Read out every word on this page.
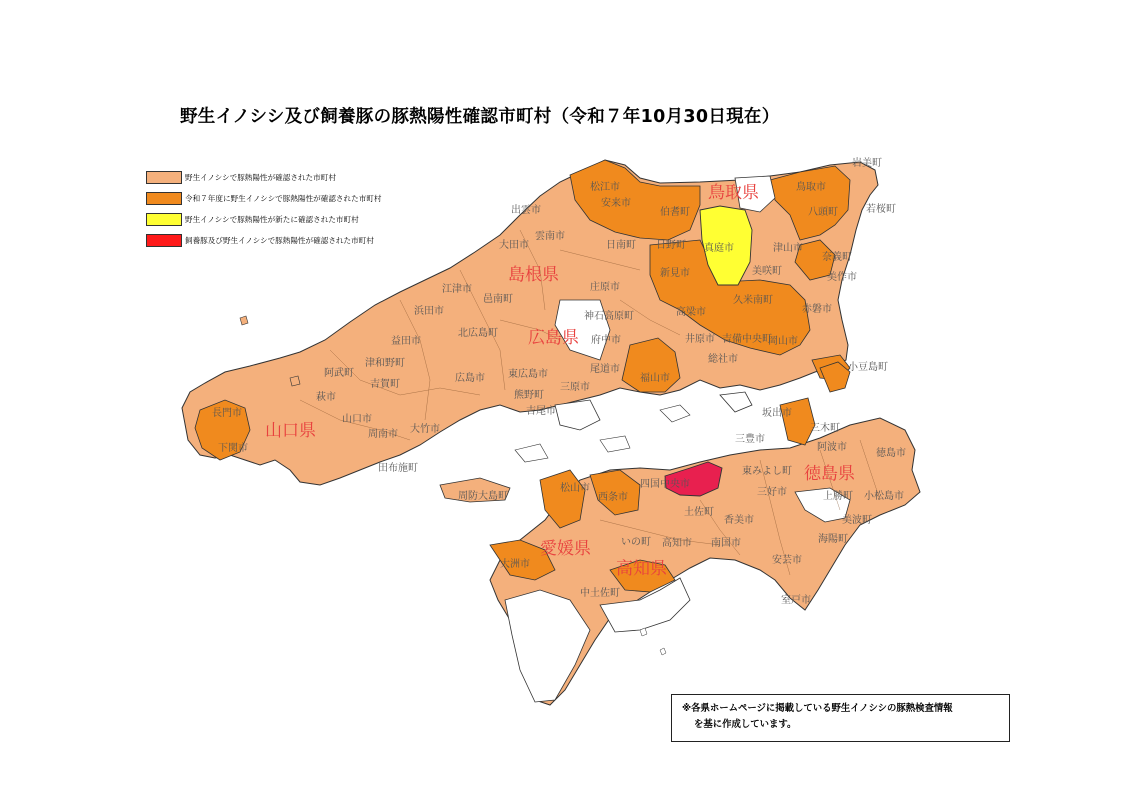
野生イノシシ及び飼養豚の豚熱陽性確認市町村（令和７年10月30日現在）
野生イノシシで豚熱陽性が確認された市町村
令和７年度に野生イノシシで豚熱陽性が確認された市町村
野生イノシシで豚熱陽性が新たに確認された市町村
飼養豚及び野生イノシシで豚熱陽性が確認された市町村
鳥取県
島根県
広島県
山口県
徳島県
愛媛県
高知県
岩美町
松江市
安来市
鳥取市
伯耆町	八頭町	若桜町
出雲市
雲南市
大田市	日南町 日野町 真庭市	津山市
奈義町
美作市
新見市	美咲町
久米南町
赤磐市
江津市
邑南町
庄原市
浜田市
北広島町
高梁市
神石高原町
吉備中央町
岡山市
益田市	府中市	井原市
総社市
津和野町
阿武町
吉賀町
東広島市	尾道市
福山市
広島市
小豆島町
萩市
三原市
熊野町
山口市
長門市	吉尾市	坂出市
三豊市
大竹市
周南市
三木町
阿波市
下関市
田布施町	東みよし町
徳島市
四国中央市
松山市
西条市	三好市	上勝町 小松島市
土佐町
香美市	美波町
いの町 高知市 南国市	海陽町
大洲市	安芸市
中土佐町
室戸市
周防大島町
※各県ホームページに掲載している野生イノシシの豚熱検査情報
を基に作成しています。
